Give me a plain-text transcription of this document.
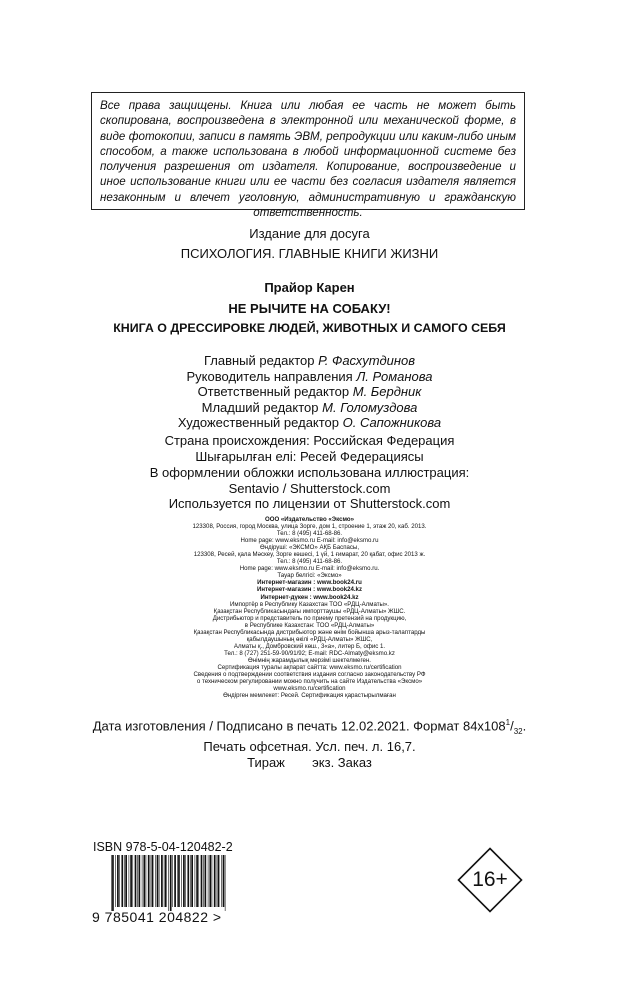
Все права защищены. Книга или любая ее часть не может быть скопирована, воспроизведена в электронной или механической форме, в виде фотокопии, записи в память ЭВМ, репродукции или каким-либо иным способом, а также использована в любой информационной системе без получения разрешения от издателя. Копирование, воспроизведение и иное использование книги или ее части без согласия издателя является незаконным и влечет уголовную, административную и гражданскую ответственность.

Издание для досуга
ПСИХОЛОГИЯ. ГЛАВНЫЕ КНИГИ ЖИЗНИ
Прайор Карен
НЕ РЫЧИТЕ НА СОБАКУ!
КНИГА О ДРЕССИРОВКЕ ЛЮДЕЙ, ЖИВОТНЫХ И САМОГО СЕБЯ
Главный редактор Р. Фасхутдинов
Руководитель направления Л. Романова
Ответственный редактор М. Бердник
Младший редактор М. Голомуздова
Художественный редактор О. Сапожникова
Страна происхождения: Российская Федерация
Шығарылған елі: Ресей Федерациясы
В оформлении обложки использована иллюстрация:
Sentavio / Shutterstock.com
Используется по лицензии от Shutterstock.com
ООО «Издательство «Эксмо»
123308, Россия, город Москва, улица Зорге, дом 1, строение 1, этаж 20, каб. 2013.
Тел.: 8 (495) 411-68-86.
Home page: www.eksmo.ru E-mail: info@eksmo.ru
Өндіруші: «ЭКСМО» АҚБ Баспасы,
123308, Ресей, қала Мәскеу, Зорге көшесі, 1 үй, 1 ғимарат, 20 қабат, офис 2013 ж.
Тел.: 8 (495) 411-68-86.
Home page: www.eksmo.ru E-mail: info@eksmo.ru.
Тауар белгісі: «Эксмо»
Интернет-магазин : www.book24.ru
Интернет-магазин : www.book24.kz
Интернет-дүкен : www.book24.kz
Импортёр в Республику Казахстан ТОО «РДЦ-Алматы».
Қазақстан Республикасындағы импорттаушы «РДЦ-Алматы» ЖШС.
Дистрибьютор и представитель по приему претензий на продукцию,
в Республике Казахстан: ТОО «РДЦ-Алматы»
Қазақстан Республикасында дистрибьютор және өнім бойынша арыз-талаптарды
қабылдаушының өкілі «РДЦ-Алматы» ЖШС,
Алматы қ., Домбровский көш., 3«а», литер Б, офис 1.
Тел.: 8 (727) 251-59-90/91/92; E-mail: RDC-Almaty@eksmo.kz
Өнімнің жарамдылық мерзімі шектелмеген.
Сертификация туралы ақпарат сайтта: www.eksmo.ru/certification
Сведения о подтверждении соответствия издания согласно законодательству РФ
о техническом регулировании можно получить на сайте Издательства «Эксмо»
www.eksmo.ru/certification
Өндірген мемлекет: Ресей. Сертификация қарастырылмаған
Дата изготовления / Подписано в печать 12.02.2021. Формат $84x108^1/_{32}$.
Печать офсетная. Усл. печ. л. 16,7.
Тираж экз. Заказ
ISBN 978-5-04-120482-2
9 785041 204822 >
16+
